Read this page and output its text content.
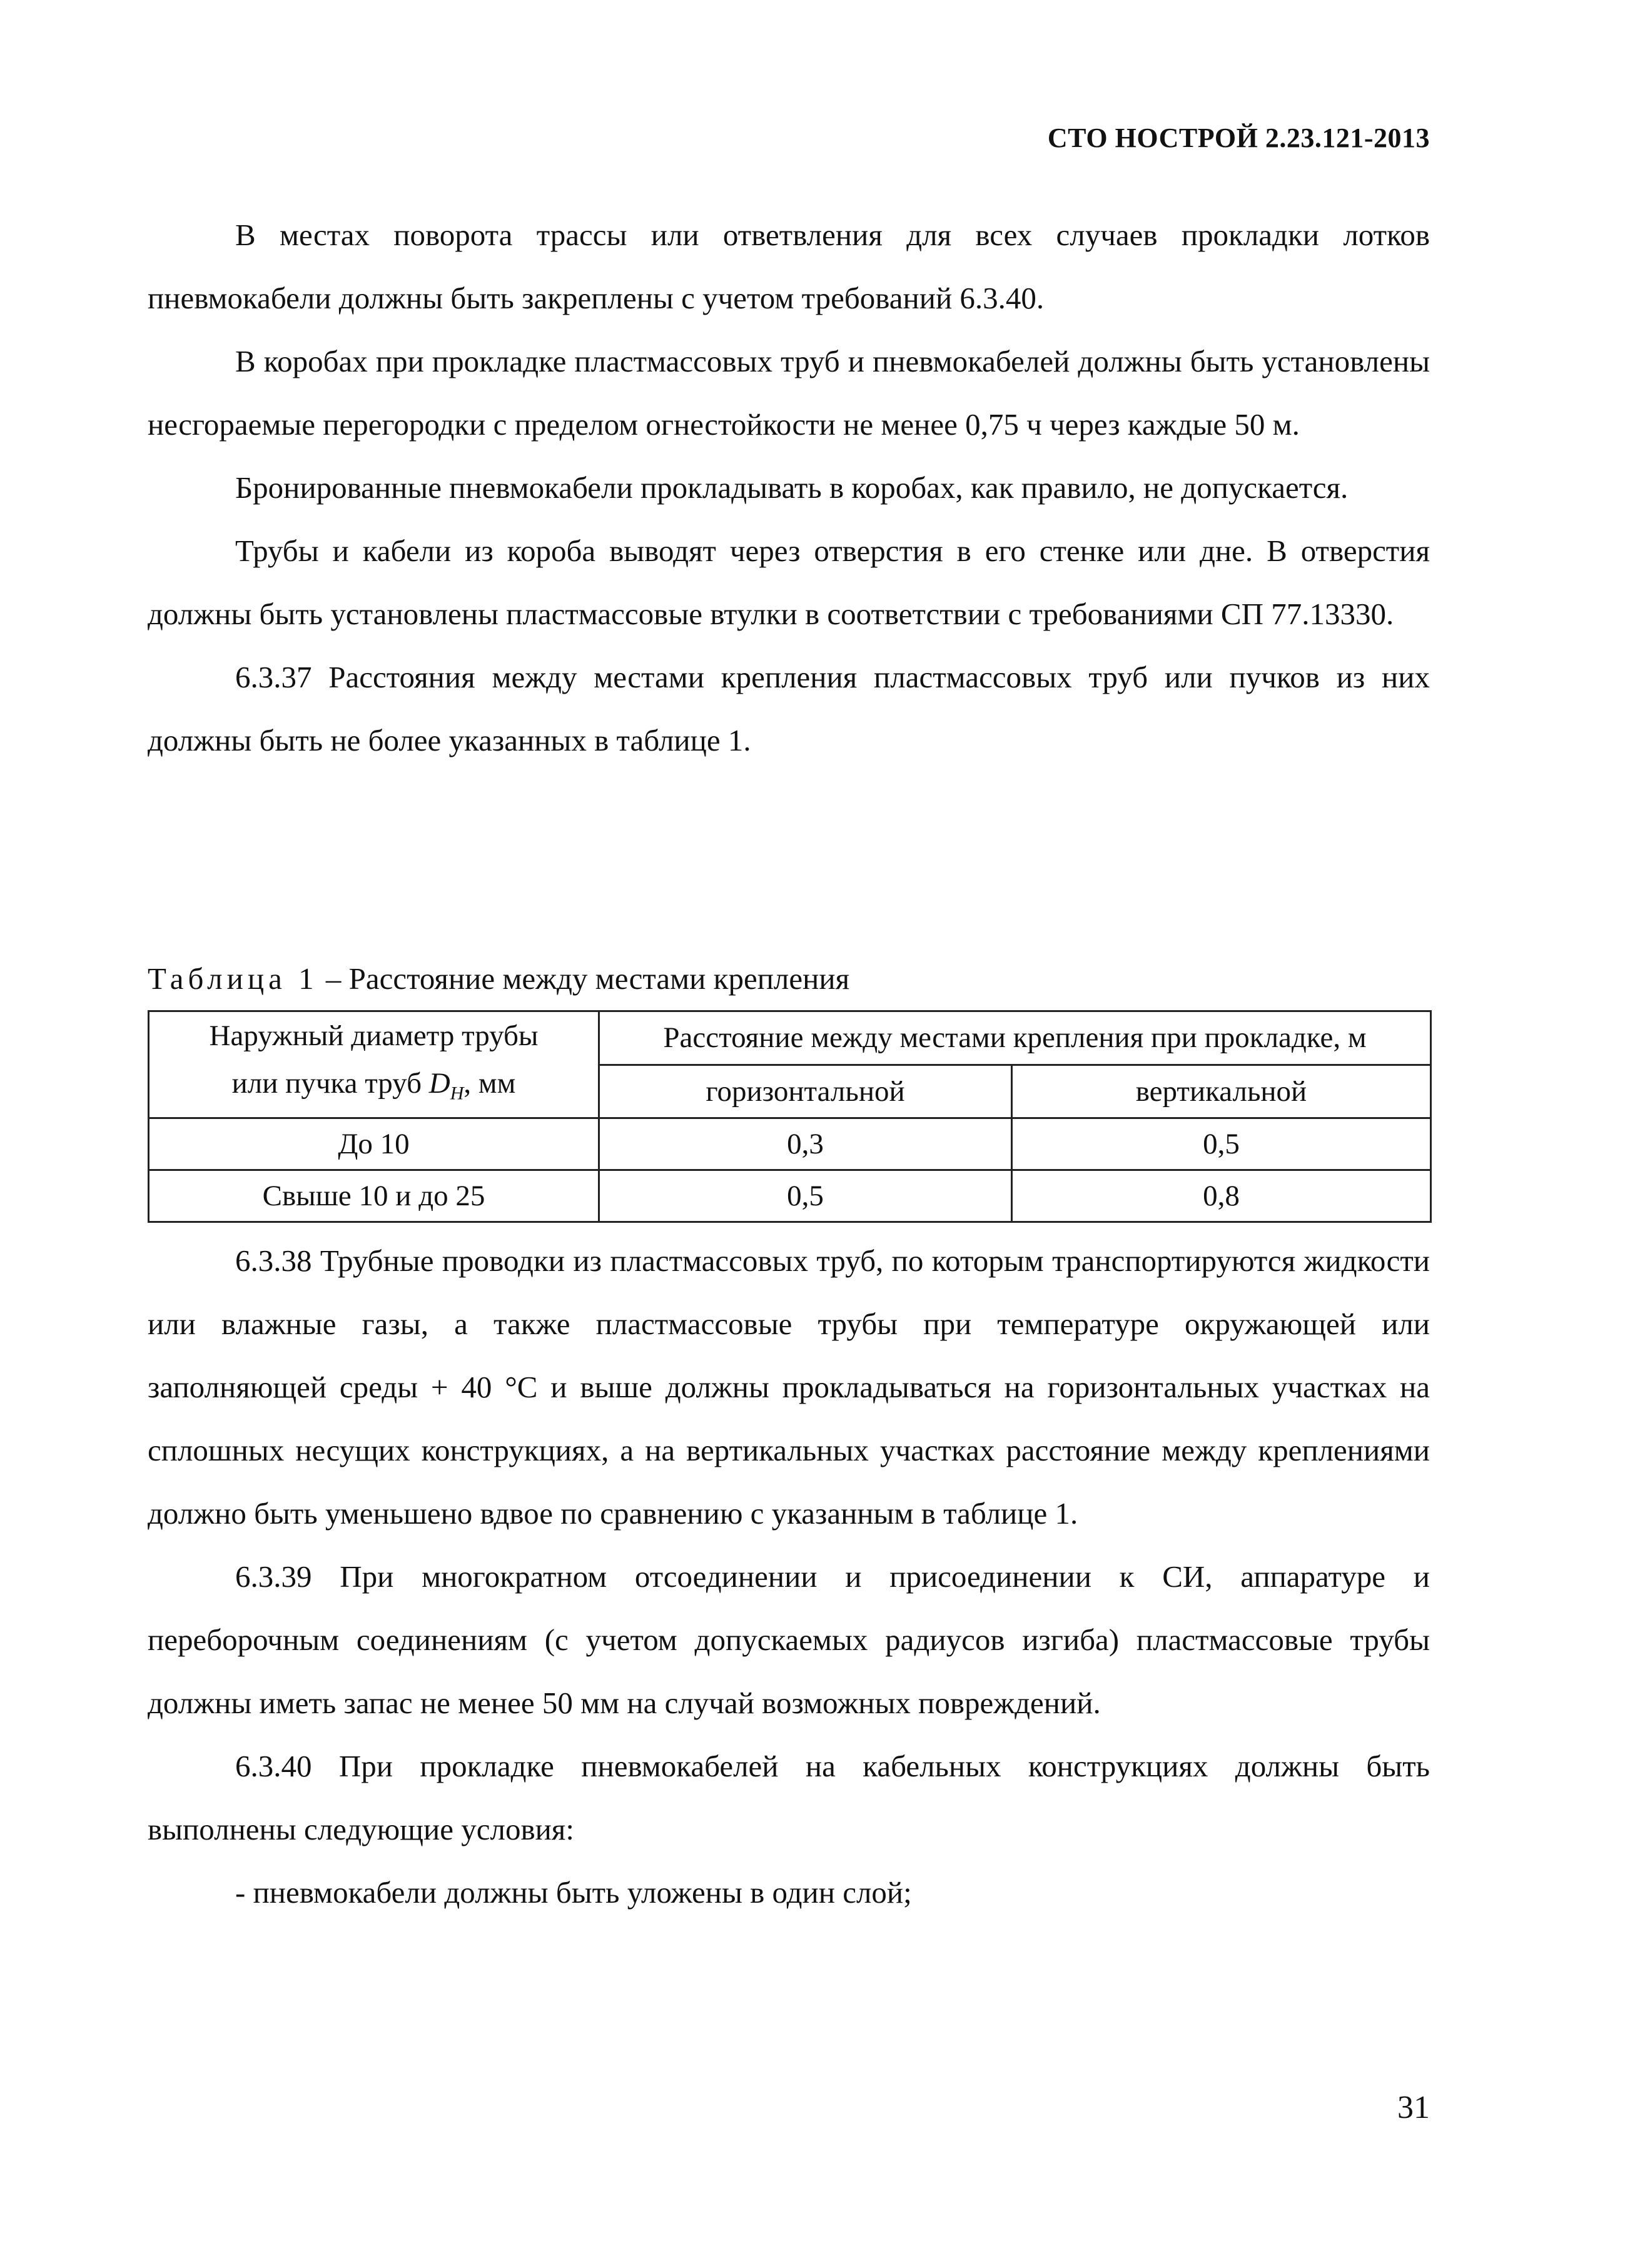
СТО НОСТРОЙ 2.23.121-2013

В местах поворота трассы или ответвления для всех случаев прокладки лотков пневмокабели должны быть закреплены с учетом требований 6.3.40.

В коробах при прокладке пластмассовых труб и пневмокабелей должны быть установлены несгораемые перегородки с пределом огнестойкости не менее 0,75 ч через каждые 50 м.

Бронированные пневмокабели прокладывать в коробах, как правило, не допускается.

Трубы и кабели из короба выводят через отверстия в его стенке или дне. В отверстия должны быть установлены пластмассовые втулки в соответствии с требованиями СП 77.13330.

6.3.37 Расстояния между местами крепления пластмассовых труб или пучков из них должны быть не более указанных в таблице 1.

Таблица 1 – Расстояние между местами крепления
Наружный диаметр трубы
или пучка труб $D_Н$, мм	Расстояние между местами крепления при прокладке, м	
	горизонтальной	вертикальной
До 10	0,3	0,5
Свыше 10 и до 25	0,5	0,8

6.3.38 Трубные проводки из пластмассовых труб, по которым транспортируются жидкости или влажные газы, а также пластмассовые трубы при температуре окружающей или заполняющей среды + 40 °С и выше должны прокладываться на горизонтальных участках на сплошных несущих конструкциях, а на вертикальных участках расстояние между креплениями должно быть уменьшено вдвое по сравнению с указанным в таблице 1.

6.3.39 При многократном отсоединении и присоединении к СИ, аппаратуре и переборочным соединениям (с учетом допускаемых радиусов изгиба) пластмассовые трубы должны иметь запас не менее 50 мм на случай возможных повреждений.

6.3.40 При прокладке пневмокабелей на кабельных конструкциях должны быть выполнены следующие условия:

- пневмокабели должны быть уложены в один слой;

31
